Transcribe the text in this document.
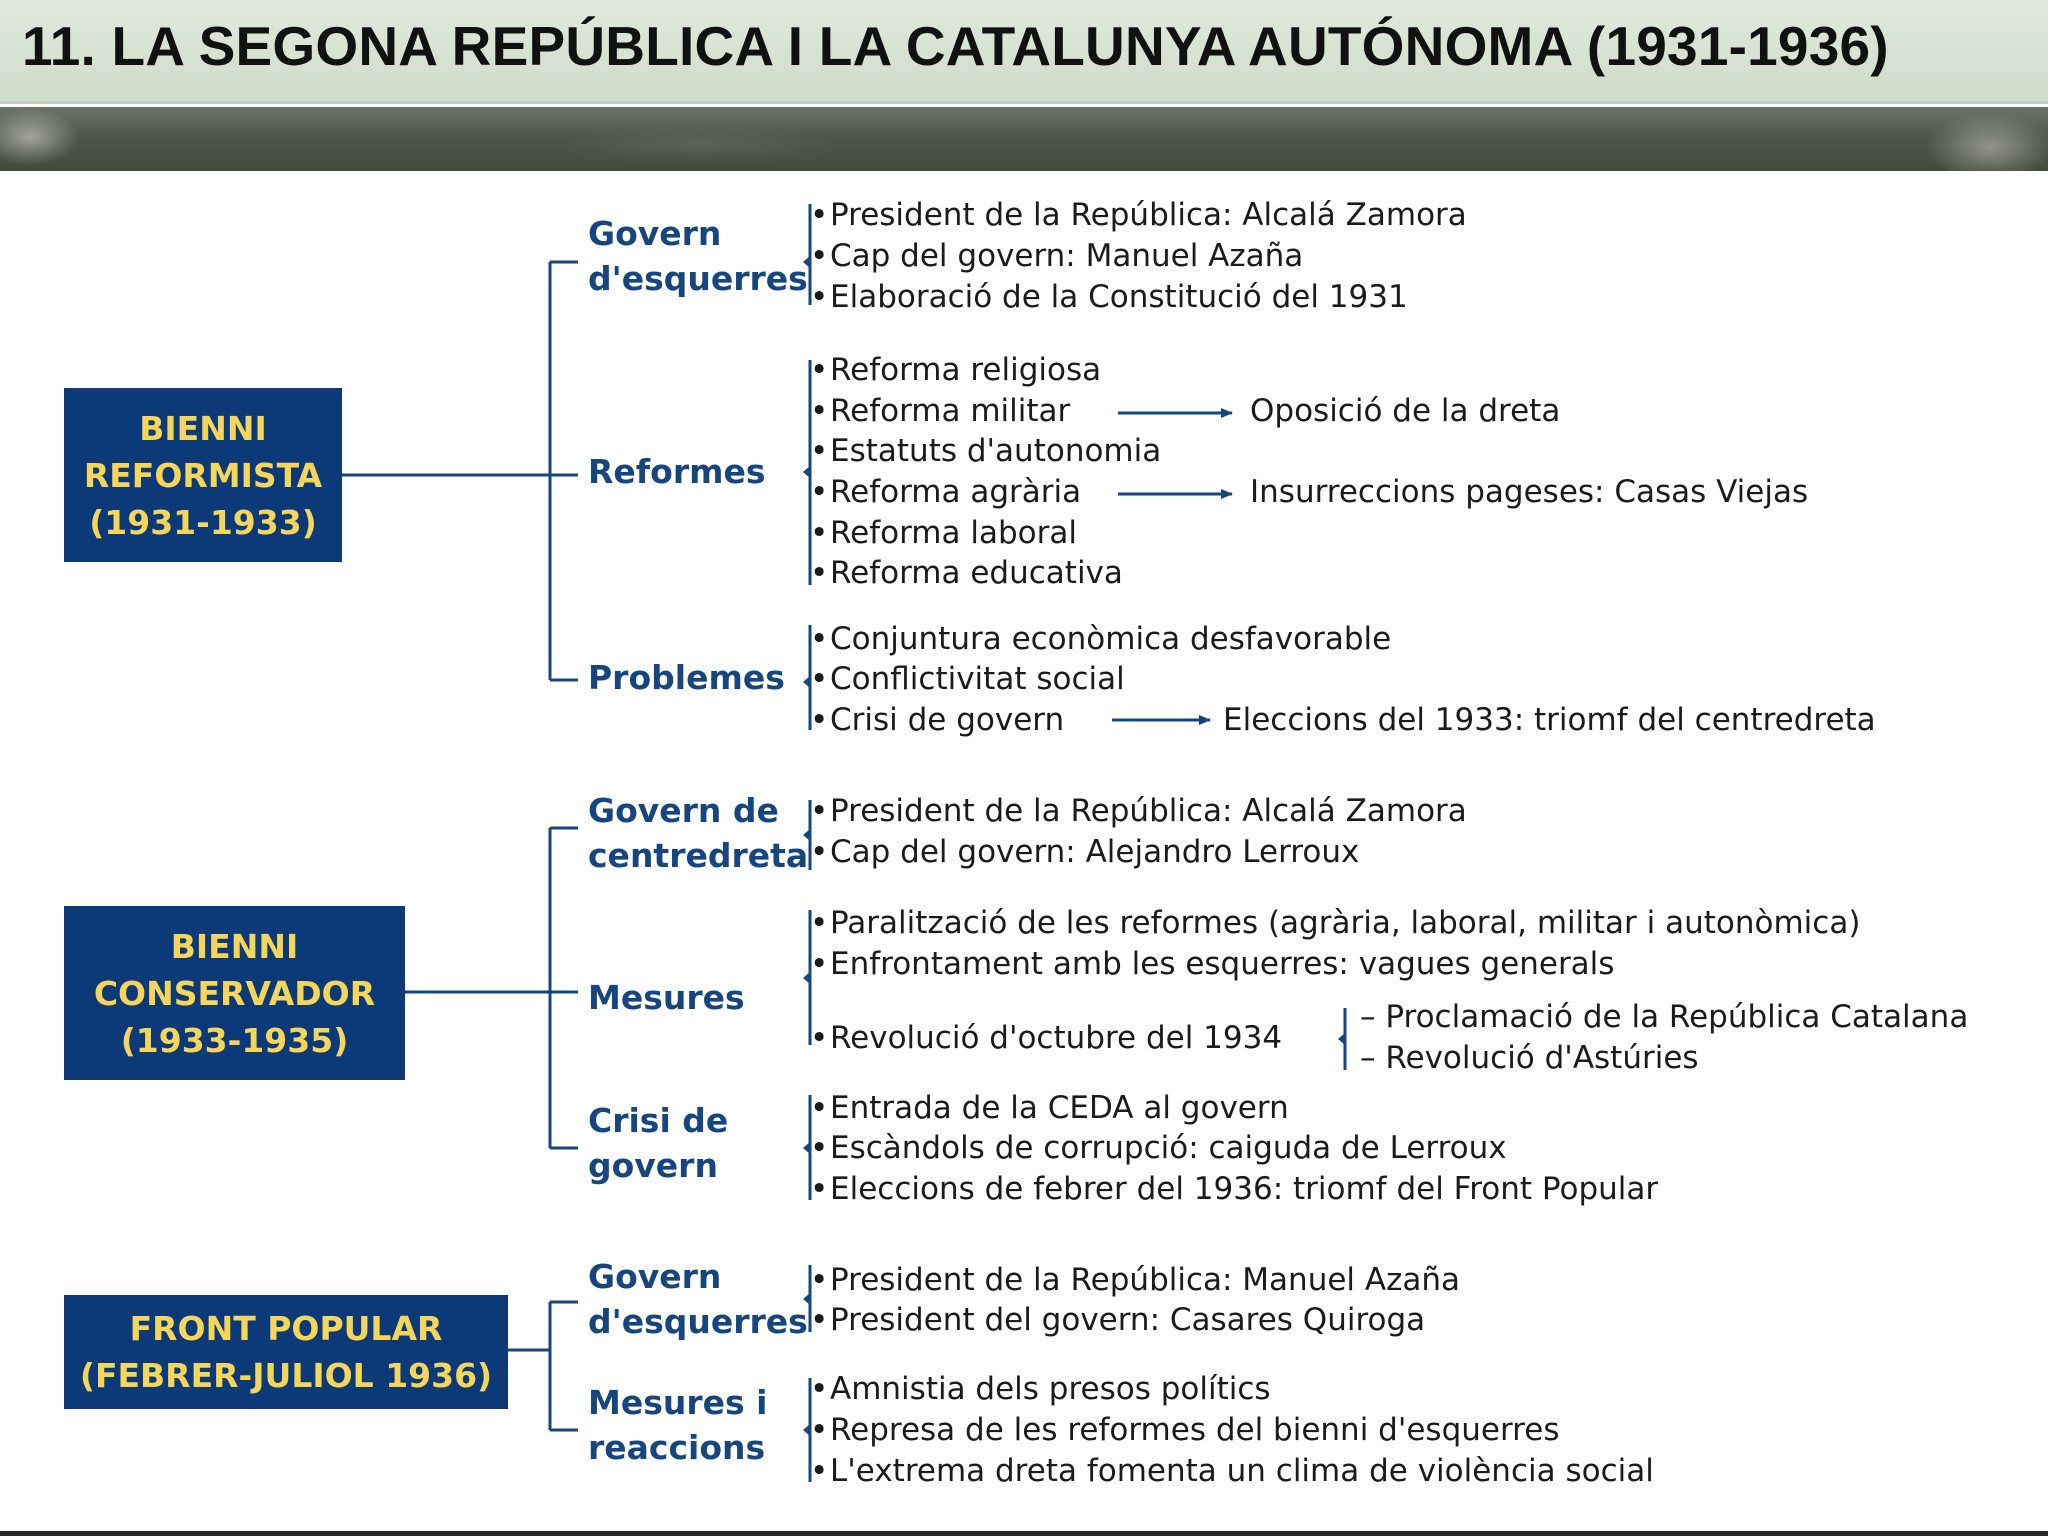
11. LA SEGONA REPÚBLICA I LA CATALUNYA AUTÓNOMA (1931-1936)
BIENNI
REFORMISTA
(1931-1933)
BIENNI
CONSERVADOR
(1933-1935)
FRONT POPULAR
(FEBRER-JULIOL 1936)
Govern
d'esquerres
Reformes
Problemes
• President de la República: Alcalá Zamora
• Cap del govern: Manuel Azaña
• Elaboració de la Constitució del 1931
• Reforma religiosa
• Reforma militar
• Estatuts d'autonomia
• Reforma agrària
• Reforma laboral
• Reforma educativa
Oposició de la dreta
Insurreccions pageses: Casas Viejas
• Conjuntura econòmica desfavorable
• Conflictivitat social
• Crisi de govern	Eleccions del 1933: triomf del centredreta
Govern de
centredreta
Mesures
Crisi de
govern
• President de la República: Alcalá Zamora
• Cap del govern: Alejandro Lerroux
• Paralització de les reformes (agrària, laboral, militar i autonòmica)
• Enfrontament amb les esquerres: vagues generals
• Revolució d'octubre del 1934
– Proclamació de la República Catalana
– Revolució d'Astúries
• Entrada de la CEDA al govern
• Escàndols de corrupció: caiguda de Lerroux
• Eleccions de febrer del 1936: triomf del Front Popular
Govern
d'esquerres
Mesures i
reaccions
• President de la República: Manuel Azaña
• President del govern: Casares Quiroga
• Amnistia dels presos polítics
• Represa de les reformes del bienni d'esquerres
• L'extrema dreta fomenta un clima de violència social
